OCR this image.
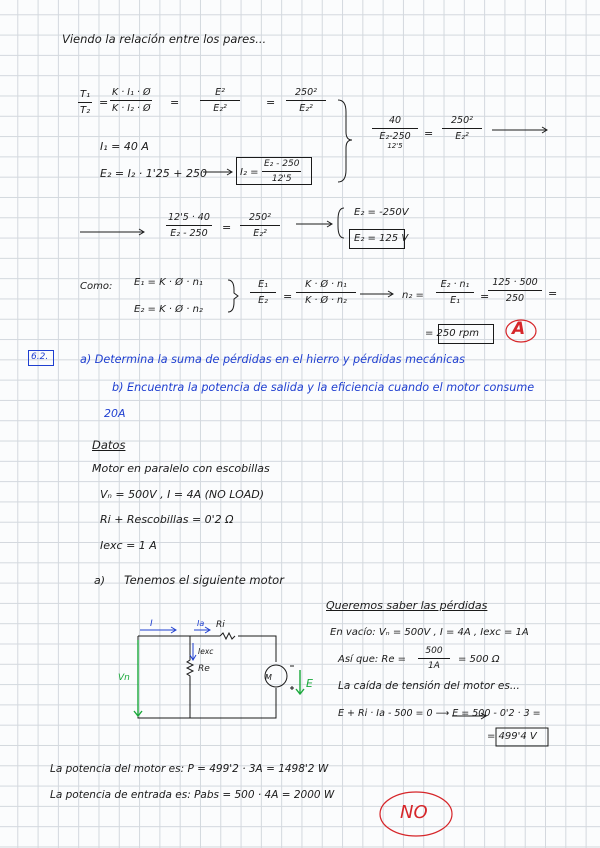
Viendo la relación entre los pares...
$\frac{\text{T₁}}{\text{T₂}} = \frac{\text{K · I₁ · Ø}}{\text{K · I₂ · Ø}} = \frac{\text{E²}}{\text{E₂²}} = \frac{\text{250²}}{\text{E₂²}}$
I₁ = 40 A
E₂ = I₂ · 1'25 + 250	$I_2 = \frac{\text{E₂ - 250}}{12'5}$
40
E₂-250
12'5
= $\frac{\text{250²}}{\text{E₂²}}$
$\frac{12'5 \cdot 40}{\text{E₂ - 250}} = \frac{\text{250²}}{\text{E₂²}}$
E₂ = -250V
E₂ = 125 V
Como: E₁ = K · Ø · n₁
E₂ = K · Ø · n₂
$\frac{\text{E₁}}{\text{E₂}} = \frac{\text{K · Ø · n₁}}{\text{K · Ø · n₂}}$	$n_2 = \frac{\text{E₂ · n₁}}{\text{E₁}}$ =
$\frac{125 \cdot 500}{250}$ =
= 250 rpm A
6.2.	a) Determina la suma de pérdidas en el hierro y pérdidas mecánicas
b) Encuentra la potencia de salida y la eficiencia cuando el motor consume
20A
Datos
Motor en paralelo con escobillas
Vₙ = 500V , I = 4A (NO LOAD)
Ri + Rescobillas = 0'2 Ω
Iexc = 1 A
a) Tenemos el siguiente motor
I	Ia Ri
Iexc
Re
Vn	E
M
Queremos saber las pérdidas
En vacío: Vₙ = 500V , I = 4A , Iexc = 1A
Así que: $Re = \frac{500}{1A} = 500$ Ω
La caída de tensión del motor es...
E + Ri · Ia - 500 = 0 ⟶ E = 500 - 0'2 · 3 =
= 499'4 V
La potencia del motor es: P = 499'2 · 3A = 1498'2 W
La potencia de entrada es: Pabs = 500 · 4A = 2000 W
NO
